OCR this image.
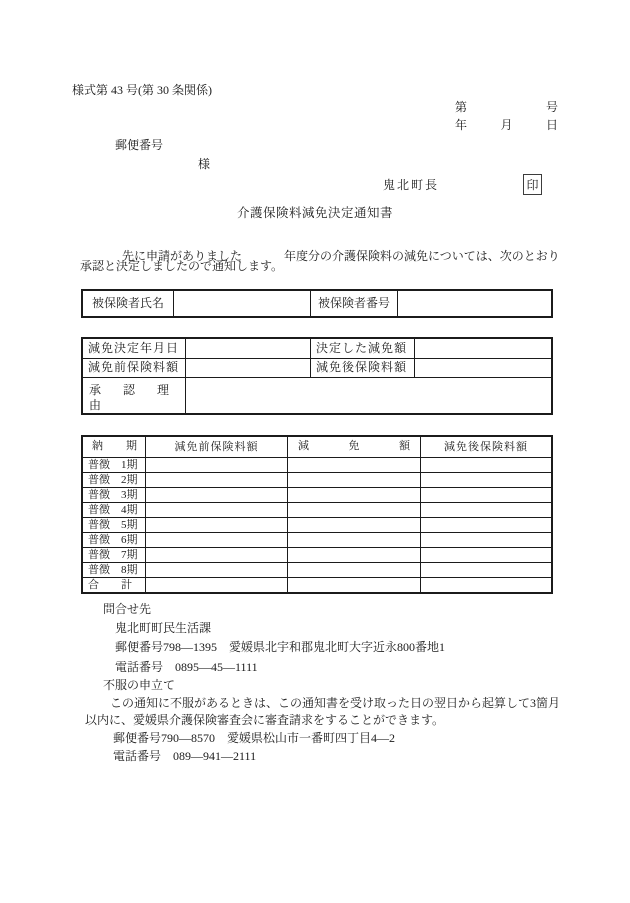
様式第 43 号(第 30 条関係)
第	号
年	月	日
郵便番号
様
鬼北町長	印
介護保険料減免決定通知書

先に申請がありました	年度分の介護保険料の減免については、次のとおり

承認と決定しましたので通知します。
被保険者氏名	被保険者番号
減免決定年月日	決定した減免額
減免前保険料額	減免後保険料額
承　認　理　由
納　期	減免前保険料額	減　免　額	減免後保険料額
普徴　1期
普徴　2期
普徴　3期
普徴　4期
普徴　5期
普徴　6期
普徴　7期
普徴　8期
合　　計
問合せ先
鬼北町町民生活課
郵便番号798―1395　愛媛県北宇和郡鬼北町大字近永800番地1
電話番号　0895―45―1111
不服の申立て
この通知に不服があるときは、この通知書を受け取った日の翌日から起算して3箇月
以内に、愛媛県介護保険審査会に審査請求をすることができます。
郵便番号790―8570　愛媛県松山市一番町四丁目4―2
電話番号　089―941―2111
